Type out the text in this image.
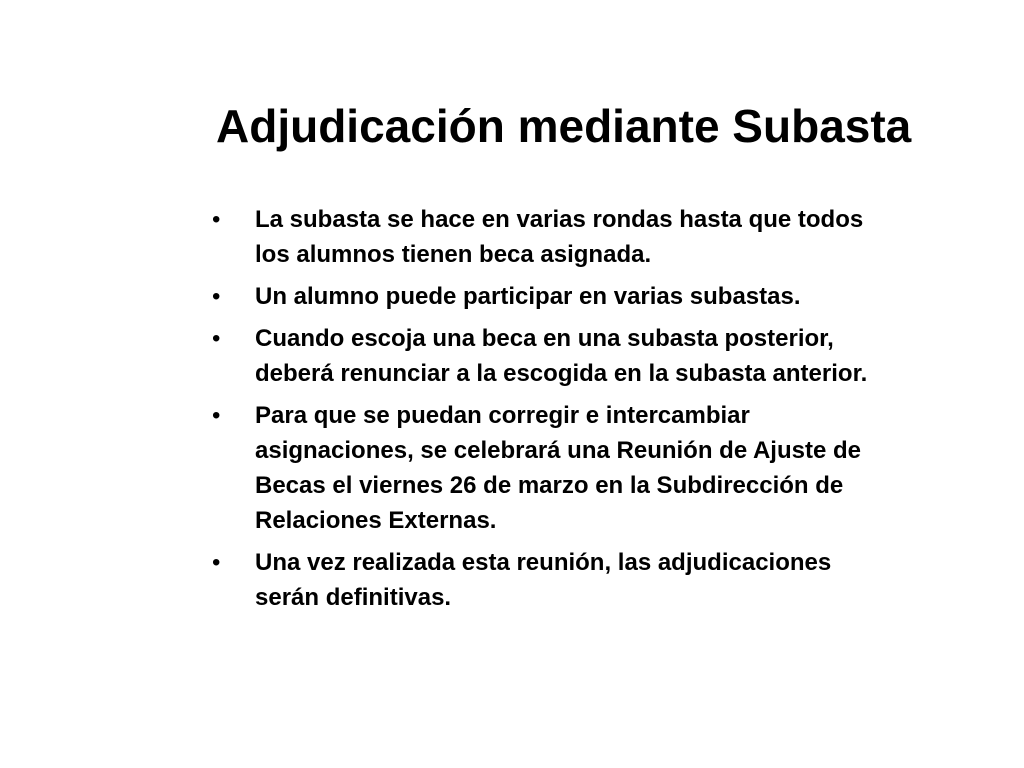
Adjudicación mediante Subasta
• La subasta se hace en varias rondas hasta que todos
los alumnos tienen beca asignada.
• Un alumno puede participar en varias subastas.
• Cuando escoja una beca en una subasta posterior,
deberá renunciar a la escogida en la subasta anterior.
• Para que se puedan corregir e intercambiar
asignaciones, se celebrará una Reunión de Ajuste de
Becas el viernes 26 de marzo en la Subdirección de
Relaciones Externas.
• Una vez realizada esta reunión, las adjudicaciones
serán definitivas.
